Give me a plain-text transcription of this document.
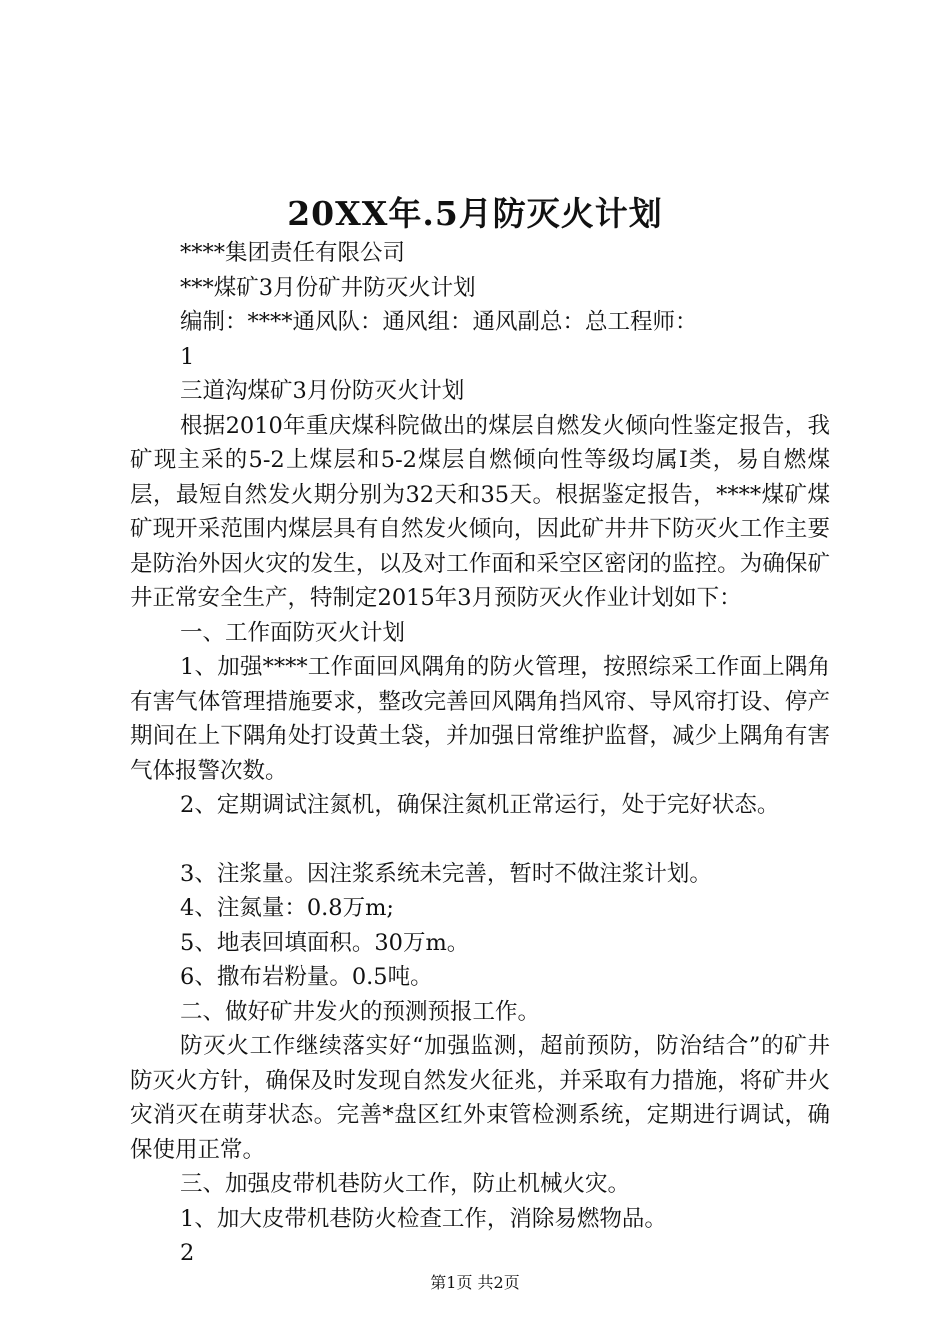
20XX年.5月防灭火计划

****集团责任有限公司

***煤矿3月份矿井防灭火计划

编制：****通风队：通风组：通风副总：总工程师：

1

三道沟煤矿3月份防灭火计划

根据2010年重庆煤科院做出的煤层自燃发火倾向性鉴定报告，我矿现主采的5-2上煤层和5-2煤层自燃倾向性等级均属Ⅰ类，易自燃煤层，最短自然发火期分别为32天和35天。根据鉴定报告，****煤矿煤矿现开采范围内煤层具有自然发火倾向，因此矿井井下防灭火工作主要是防治外因火灾的发生，以及对工作面和采空区密闭的监控。为确保矿井正常安全生产，特制定2015年3月预防灭火作业计划如下：

一、工作面防灭火计划

1、加强****工作面回风隅角的防火管理，按照综采工作面上隅角有害气体管理措施要求，整改完善回风隅角挡风帘、导风帘打设、停产期间在上下隅角处打设黄土袋，并加强日常维护监督，减少上隅角有害气体报警次数。

2、定期调试注氮机，确保注氮机正常运行，处于完好状态。

3、注浆量。因注浆系统未完善，暂时不做注浆计划。

4、注氮量：0.8万m;

5、地表回填面积。30万m。

6、撒布岩粉量。0.5吨。

二、做好矿井发火的预测预报工作。

防灭火工作继续落实好“加强监测，超前预防，防治结合”的矿井防灭火方针，确保及时发现自然发火征兆，并采取有力措施，将矿井火灾消灭在萌芽状态。完善*盘区红外束管检测系统，定期进行调试，确保使用正常。

三、加强皮带机巷防火工作，防止机械火灾。

1、加大皮带机巷防火检查工作，消除易燃物品。

2

第1页 共2页
